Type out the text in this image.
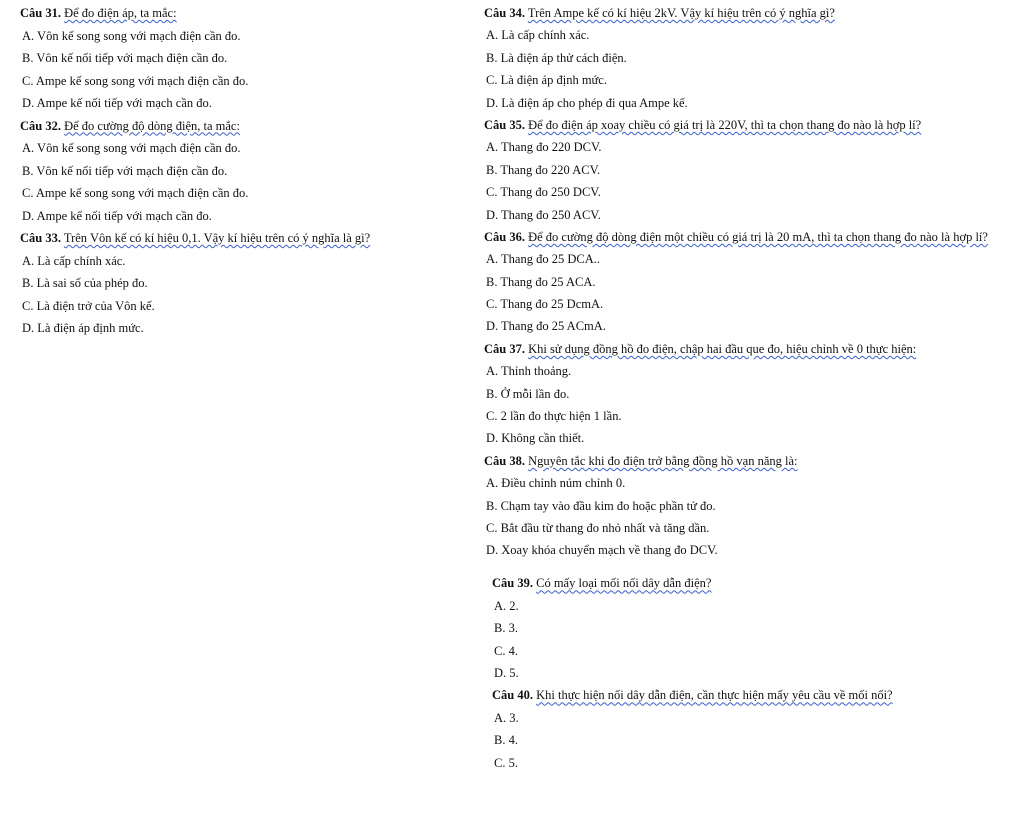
Câu 31. Để đo điện áp, ta mắc:

A. Vôn kế song song với mạch điện cần đo.
B. Vôn kế nối tiếp với mạch điện cần đo.
C. Ampe kế song song với mạch điện cần đo.
D. Ampe kế nối tiếp với mạch cần đo.

Câu 32. Để đo cường độ dòng điện, ta mắc:

A. Vôn kế song song với mạch điện cần đo.
B. Vôn kế nối tiếp với mạch điện cần đo.
C. Ampe kế song song với mạch điện cần đo.
D. Ampe kế nối tiếp với mạch cần đo.

Câu 33. Trên Vôn kế có kí hiệu 0,1. Vậy kí hiệu trên có ý nghĩa là gì?

A. Là cấp chính xác.
B. Là sai số của phép đo.
C. Là điện trở của Vôn kế.
D. Là điện áp định mức.

Câu 34. Trên Ampe kế có kí hiệu 2kV. Vậy kí hiệu trên có ý nghĩa gì?

A. Là cấp chính xác.
B. Là điện áp thử cách điện.
C. Là điện áp định mức.
D. Là điện áp cho phép đi qua Ampe kế.

Câu 35. Để đo điện áp xoay chiều có giá trị là 220V, thì ta chọn thang đo nào là hợp lí?

A. Thang đo 220 DCV.
B. Thang đo 220 ACV.
C. Thang đo 250 DCV.
D. Thang đo 250 ACV.

Câu 36. Để đo cường độ dòng điện một chiều có giá trị là 20 mA, thì ta chọn thang đo nào là hợp lí?

A. Thang đo 25 DCA..
B. Thang đo 25 ACA.
C. Thang đo 25 DcmA.
D. Thang đo 25 ACmA.

Câu 37. Khi sử dụng đồng hồ đo điện, chập hai đầu que đo, hiệu chỉnh về 0 thực hiện:

A. Thỉnh thoảng.
B. Ở mỗi lần đo.
C. 2 lần đo thực hiện 1 lần.
D. Không cần thiết.

Câu 38. Nguyên tắc khi đo điện trở bằng đồng hồ vạn năng là:

A. Điều chỉnh núm chỉnh 0.
B. Chạm tay vào đầu kim đo hoặc phần tử đo.
C. Bắt đầu từ thang đo nhỏ nhất và tăng dần.
D. Xoay khóa chuyển mạch về thang đo DCV.

Câu 39. Có mấy loại mối nối dây dẫn điện?

A. 2.
B. 3.
C. 4.
D. 5.

Câu 40. Khi thực hiện nối dây dẫn điện, cần thực hiện mấy yêu cầu về mối nối?

A. 3.
B. 4.
C. 5.
